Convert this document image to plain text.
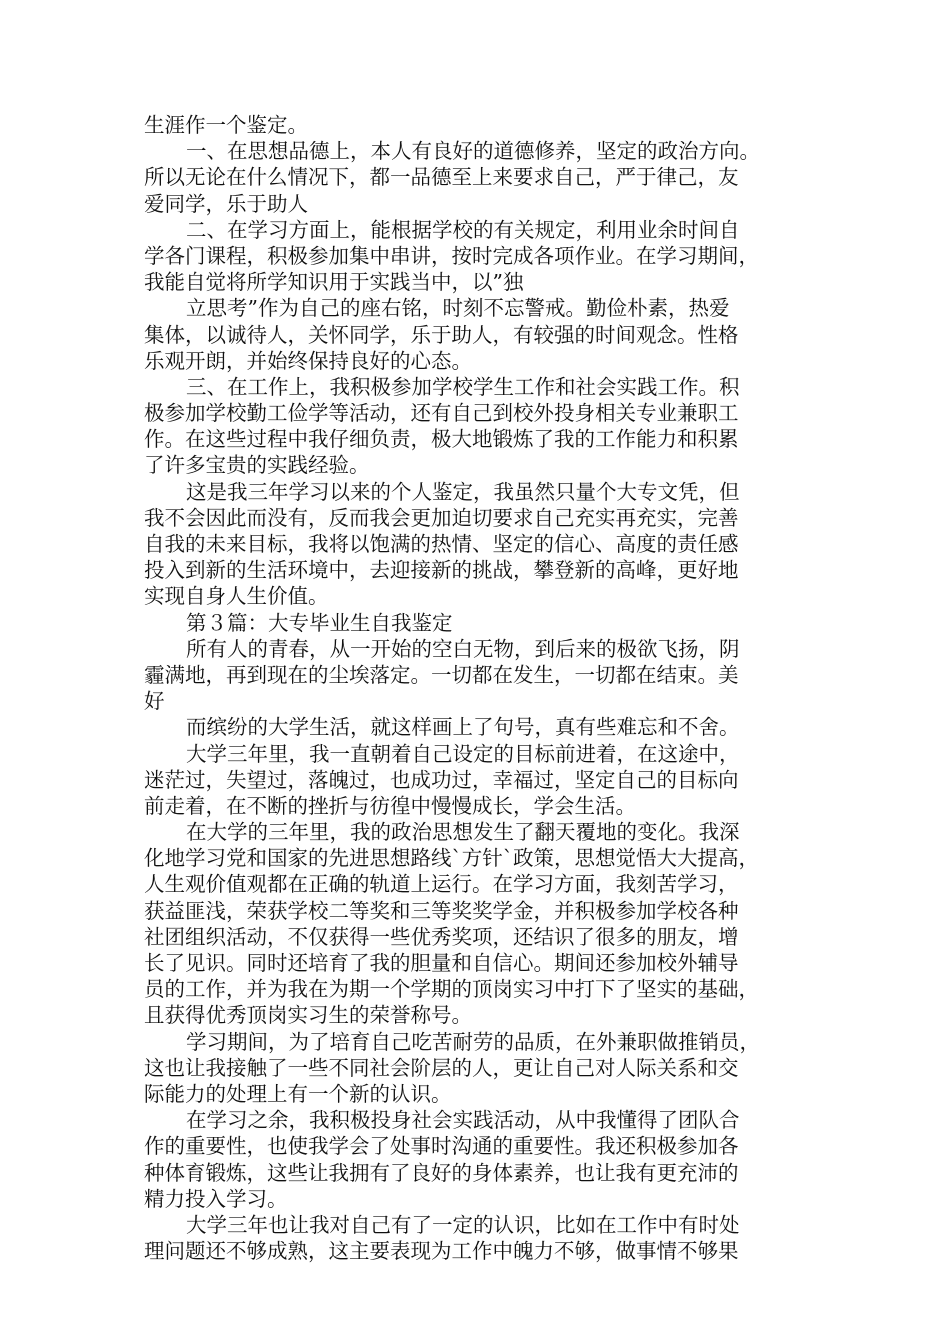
生涯作一个鉴定。
一、在思想品德上，本人有良好的道德修养，坚定的政治方向。
所以无论在什么情况下，都一品德至上来要求自己，严于律己，友
爱同学，乐于助人
二、在学习方面上，能根据学校的有关规定，利用业余时间自
学各门课程，积极参加集中串讲，按时完成各项作业。在学习期间，
我能自觉将所学知识用于实践当中，以”独
立思考”作为自己的座右铭，时刻不忘警戒。勤俭朴素，热爱
集体，以诚待人，关怀同学，乐于助人，有较强的时间观念。性格
乐观开朗，并始终保持良好的心态。
三、在工作上，我积极参加学校学生工作和社会实践工作。积
极参加学校勤工俭学等活动，还有自己到校外投身相关专业兼职工
作。在这些过程中我仔细负责，极大地锻炼了我的工作能力和积累
了许多宝贵的实践经验。
这是我三年学习以来的个人鉴定，我虽然只量个大专文凭，但
我不会因此而没有，反而我会更加迫切要求自己充实再充实，完善
自我的未来目标，我将以饱满的热情、坚定的信心、高度的责任感
投入到新的生活环境中，去迎接新的挑战，攀登新的高峰，更好地
实现自身人生价值。
第３篇：大专毕业生自我鉴定
所有人的青春，从一开始的空白无物，到后来的极欲飞扬，阴
霾满地，再到现在的尘埃落定。一切都在发生，一切都在结束。美
好
而缤纷的大学生活，就这样画上了句号，真有些难忘和不舍。
大学三年里，我一直朝着自己设定的目标前进着，在这途中，
迷茫过，失望过，落魄过，也成功过，幸福过，坚定自己的目标向
前走着，在不断的挫折与彷徨中慢慢成长，学会生活。
在大学的三年里，我的政治思想发生了翻天覆地的变化。我深
化地学习党和国家的先进思想路线`方针`政策，思想觉悟大大提高，
人生观价值观都在正确的轨道上运行。在学习方面，我刻苦学习，
获益匪浅，荣获学校二等奖和三等奖奖学金，并积极参加学校各种
社团组织活动，不仅获得一些优秀奖项，还结识了很多的朋友，增
长了见识。同时还培育了我的胆量和自信心。期间还参加校外辅导
员的工作，并为我在为期一个学期的顶岗实习中打下了坚实的基础，
且获得优秀顶岗实习生的荣誉称号。
学习期间，为了培育自己吃苦耐劳的品质，在外兼职做推销员，
这也让我接触了一些不同社会阶层的人，更让自己对人际关系和交
际能力的处理上有一个新的认识。
在学习之余，我积极投身社会实践活动，从中我懂得了团队合
作的重要性，也使我学会了处事时沟通的重要性。我还积极参加各
种体育锻炼，这些让我拥有了良好的身体素养，也让我有更充沛的
精力投入学习。
大学三年也让我对自己有了一定的认识，比如在工作中有时处
理问题还不够成熟，这主要表现为工作中魄力不够，做事情不够果
